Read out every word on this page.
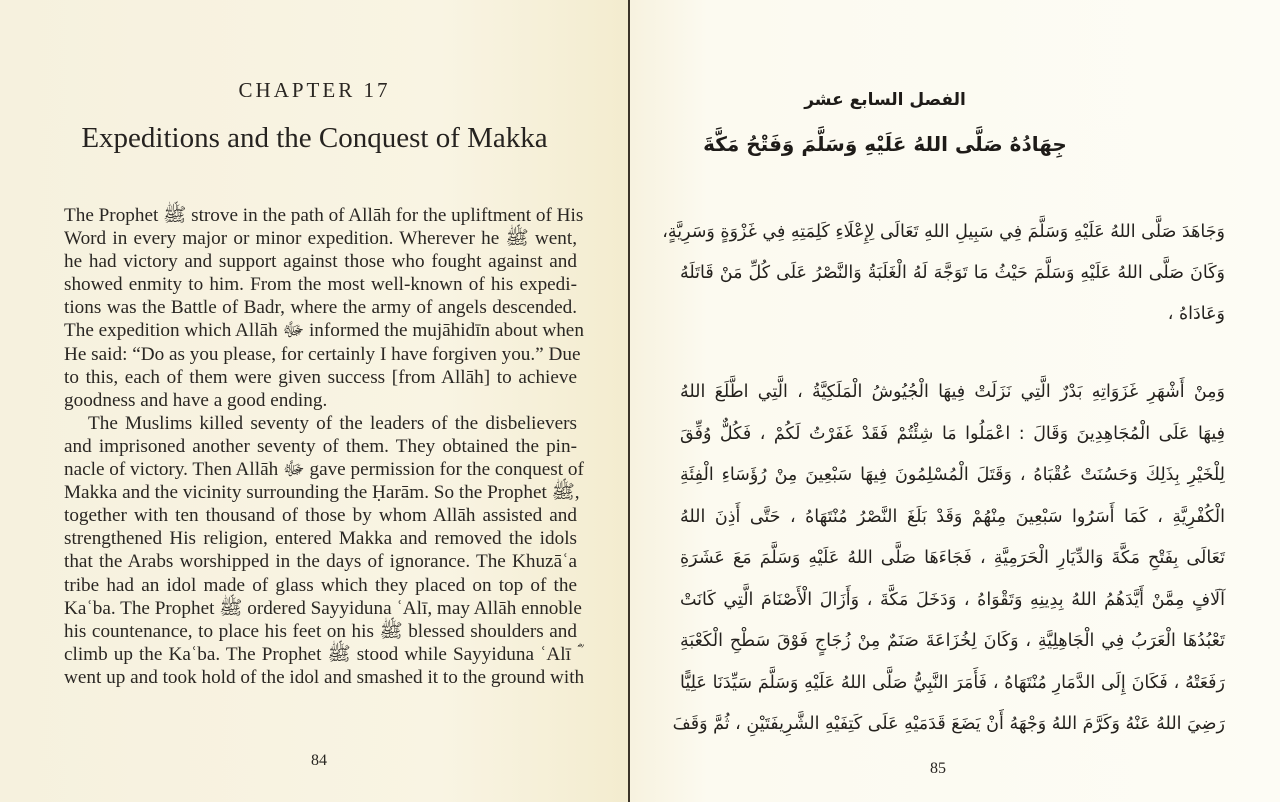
CHAPTER 17
Expeditions and the Conquest of Makka
The Prophet ﷺ strove in the path of Allāh for the upliftment of His
Word in every major or minor expedition. Wherever he ﷺ went,
he had victory and support against those who fought against and
showed enmity to him. From the most well-known of his expedi-
tions was the Battle of Badr, where the army of angels descended.
The expedition which Allāh ﷻ informed the mujāhidīn about when
He said: “Do as you please, for certainly I have forgiven you.” Due
to this, each of them were given success [from Allāh] to achieve
goodness and have a good ending.
The Muslims killed seventy of the leaders of the disbelievers
and imprisoned another seventy of them. They obtained the pin-
nacle of victory. Then Allāh ﷻ gave permission for the conquest of
Makka and the vicinity surrounding the Ḥarām. So the Prophet ﷺ,
together with ten thousand of those by whom Allāh assisted and
strengthened His religion, entered Makka and removed the idols
that the Arabs worshipped in the days of ignorance. The Khuzāʿa
tribe had an idol made of glass which they placed on top of the
Kaʿba. The Prophet ﷺ ordered Sayyiduna ʿAlī, may Allāh ennoble
his countenance, to place his feet on his ﷺ blessed shoulders and
climb up the Kaʿba. The Prophet ﷺ stood while Sayyiduna ʿAlī ؓ
went up and took hold of the idol and smashed it to the ground with
84
الفصل السابع عشر
جِهَادُهُ صَلَّى اللهُ عَلَيْهِ وَسَلَّمَ وَفَتْحُ مَكَّةَ
وَجَاهَدَ صَلَّى اللهُ عَلَيْهِ وَسَلَّمَ فِي سَبِيلِ اللهِ تَعَالَى لِإِعْلَاءِ كَلِمَتِهِ فِي غَزْوَةٍ وَسَرِيَّةٍ،
وَكَانَ صَلَّى اللهُ عَلَيْهِ وَسَلَّمَ حَيْثُ مَا تَوَجَّهَ لَهُ الْغَلَبَةُ وَالنَّصْرُ عَلَى كُلِّ مَنْ قَاتَلَهُ
وَعَادَاهُ ،
وَمِنْ أَشْهَرِ غَزَوَاتِهِ بَدْرٌ الَّتِي نَزَلَتْ فِيهَا الْجُيُوشُ الْمَلَكِيَّةُ ، الَّتِي اطَّلَعَ اللهُ
فِيهَا عَلَى الْمُجَاهِدِينَ وَقَالَ : اعْمَلُوا مَا شِئْتُمْ فَقَدْ غَفَرْتُ لَكُمْ ، فَكُلٌّ وُفِّقَ
لِلْخَيْرِ بِذَلِكَ وَحَسُنَتْ عُقْبَاهُ ، وَقَتَلَ الْمُسْلِمُونَ فِيهَا سَبْعِينَ مِنْ رُؤَسَاءِ الْفِئَةِ
الْكُفْرِيَّةِ ، كَمَا أَسَرُوا سَبْعِينَ مِنْهُمْ وَقَدْ بَلَغَ النَّصْرُ مُنْتَهَاهُ ، حَتَّى أَذِنَ اللهُ
تَعَالَى بِفَتْحِ مَكَّةَ وَالدِّيَارِ الْحَرَمِيَّةِ ، فَجَاءَهَا صَلَّى اللهُ عَلَيْهِ وَسَلَّمَ مَعَ عَشَرَةِ
آلَافٍ مِمَّنْ أَيَّدَهُمُ اللهُ بِدِينِهِ وَتَقْوَاهُ ، وَدَخَلَ مَكَّةَ ، وَأَزَالَ الْأَصْنَامَ الَّتِي كَانَتْ
تَعْبُدُهَا الْعَرَبُ فِي الْجَاهِلِيَّةِ ، وَكَانَ لِخُزَاعَةَ صَنَمٌ مِنْ زُجَاجٍ فَوْقَ سَطْحِ الْكَعْبَةِ
رَفَعَتْهُ ، فَكَانَ إِلَى الدَّمَارِ مُنْتَهَاهُ ، فَأَمَرَ النَّبِيُّ صَلَّى اللهُ عَلَيْهِ وَسَلَّمَ سَيِّدَنَا عَلِيًّا
رَضِيَ اللهُ عَنْهُ وَكَرَّمَ اللهُ وَجْهَهُ أَنْ يَضَعَ قَدَمَيْهِ عَلَى كَتِفَيْهِ الشَّرِيفَتَيْنِ ، ثُمَّ وَقَفَ
85
